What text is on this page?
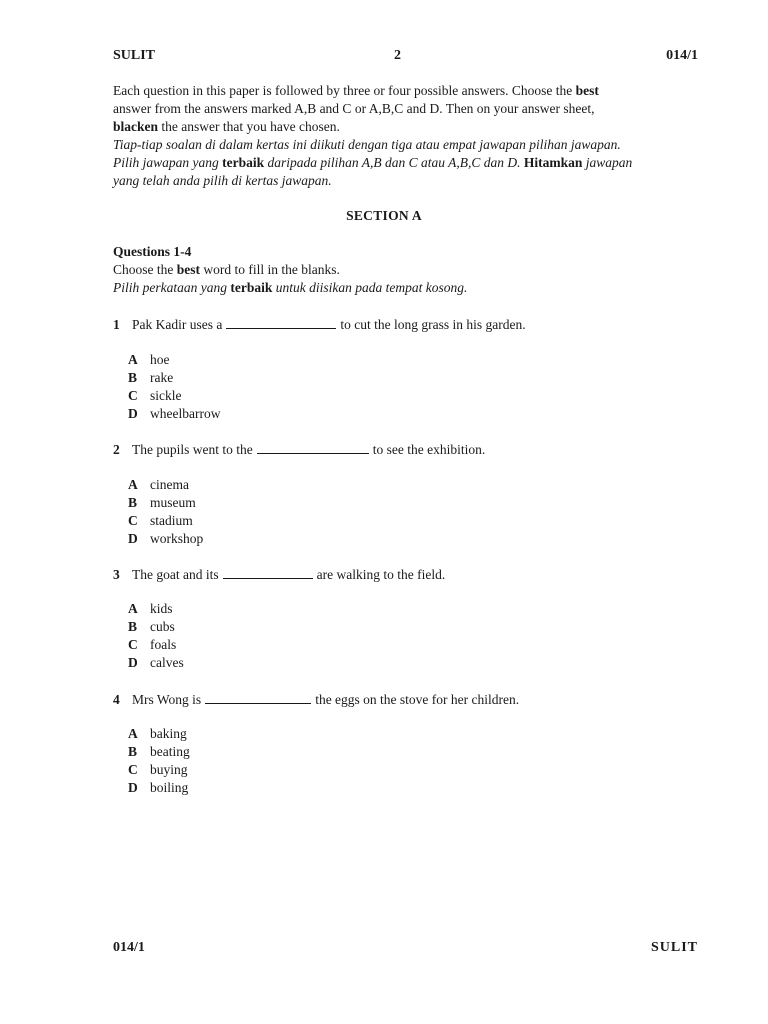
SULIT	2	014/1

Each question in this paper is followed by three or four possible answers. Choose the best

answer from the answers marked A,B and C or A,B,C and D. Then on your answer sheet,

blacken the answer that you have chosen.

Tiap-tiap soalan di dalam kertas ini diikuti dengan tiga atau empat jawapan pilihan jawapan.

Pilih jawapan yang terbaik daripada pilihan A,B dan C atau A,B,C dan D. Hitamkan jawapan

yang telah anda pilih di kertas jawapan.

SECTION A

Questions 1-4

Choose the best word to fill in the blanks.

Pilih perkataan yang terbaik untuk diisikan pada tempat kosong.

1 Pak Kadir uses a	to cut the long grass in his garden.
A hoe
B rake
C sickle
D wheelbarrow
2 The pupils went to the	to see the exhibition.
A cinema
B museum
C stadium
D workshop
3 The goat and its	are walking to the field.
A kids
B cubs
C foals
D calves
4 Mrs Wong is	the eggs on the stove for her children.
A baking
B beating
C buying
D boiling
014/1	SULIT
